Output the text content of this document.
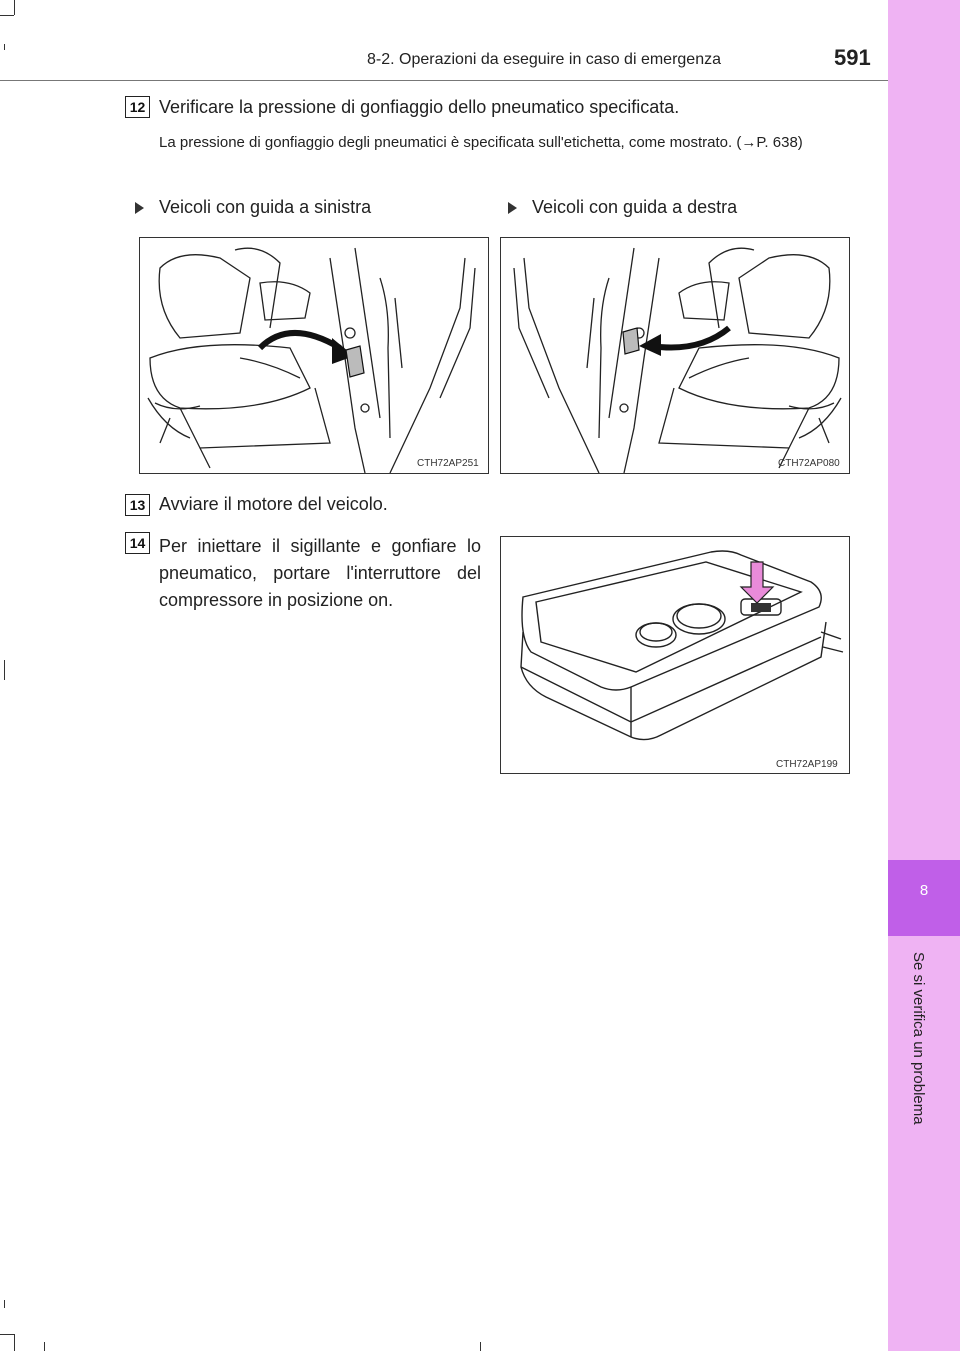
8
Se si verifica un problema
8-2. Operazioni da eseguire in caso di emergenza	591
12 Verificare la pressione di gonfiaggio dello pneumatico specificata.
La pressione di gonfiaggio degli pneumatici è specificata sull'etichetta, come mostrato. (→P. 638)
Veicoli con guida a sinistra	Veicoli con guida a destra
CTH72AP251	CTH72AP080
13 Avviare il motore del veicolo.
14 Per iniettare il sigillante e gonfiare lo pneumatico, portare l'interruttore del compressore in posizione on.
CTH72AP199
